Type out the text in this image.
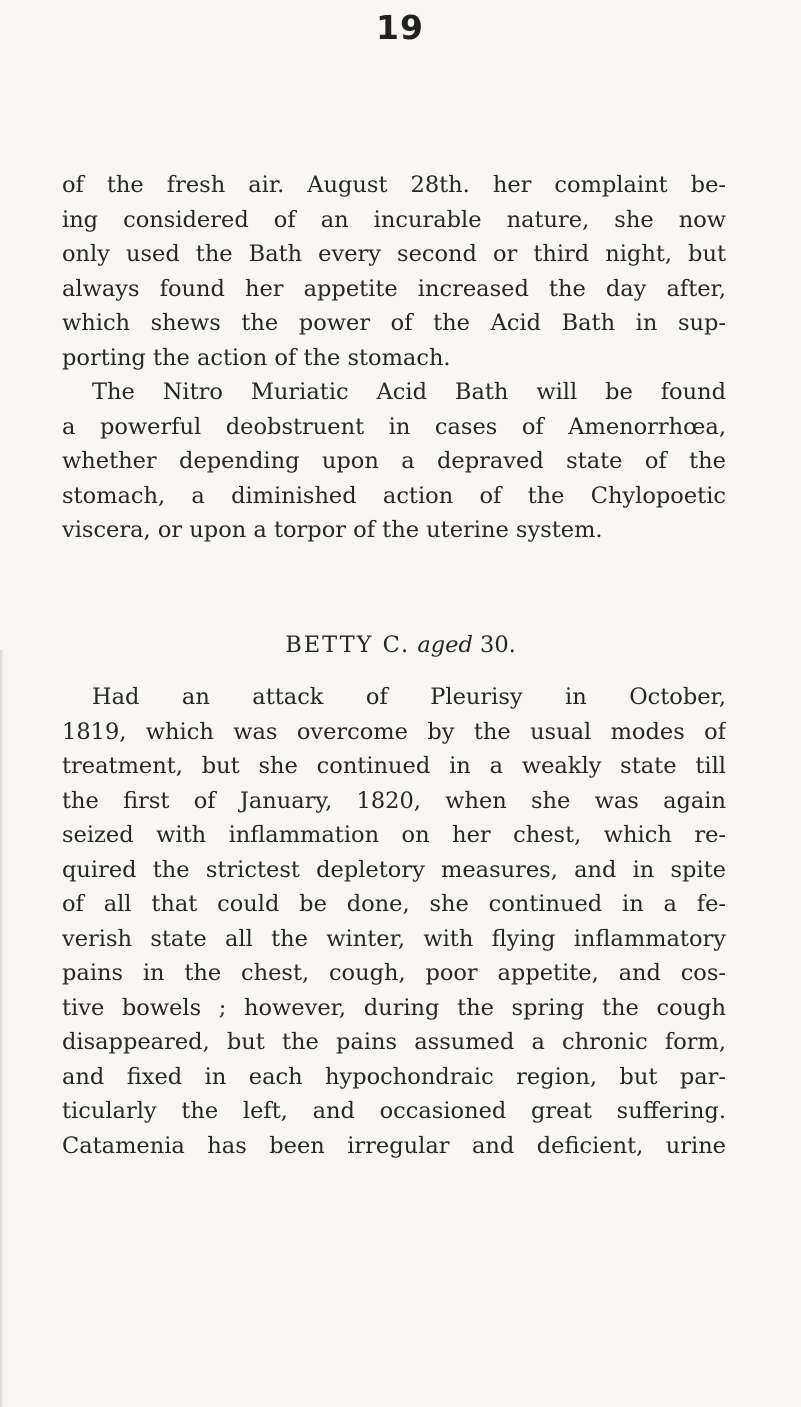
19
of the fresh air. August 28th. her complaint be-
ing considered of an incurable nature, she now
only used the Bath every second or third night, but
always found her appetite increased the day after,
which shews the power of the Acid Bath in sup-
porting the action of the stomach.
The Nitro Muriatic Acid Bath will be found
a powerful deobstruent in cases of Amenorrhœa,
whether depending upon a depraved state of the
stomach, a diminished action of the Chylopoetic
viscera, or upon a torpor of the uterine system.
BETTY C. aged 30.
Had an attack of Pleurisy in October,
1819, which was overcome by the usual modes of
treatment, but she continued in a weakly state till
the first of January, 1820, when she was again
seized with inflammation on her chest, which re-
quired the strictest depletory measures, and in spite
of all that could be done, she continued in a fe-
verish state all the winter, with flying inflammatory
pains in the chest, cough, poor appetite, and cos-
tive bowels ; however, during the spring the cough
disappeared, but the pains assumed a chronic form,
and fixed in each hypochondraic region, but par-
ticularly the left, and occasioned great suffering.
Catamenia has been irregular and deficient, urine
